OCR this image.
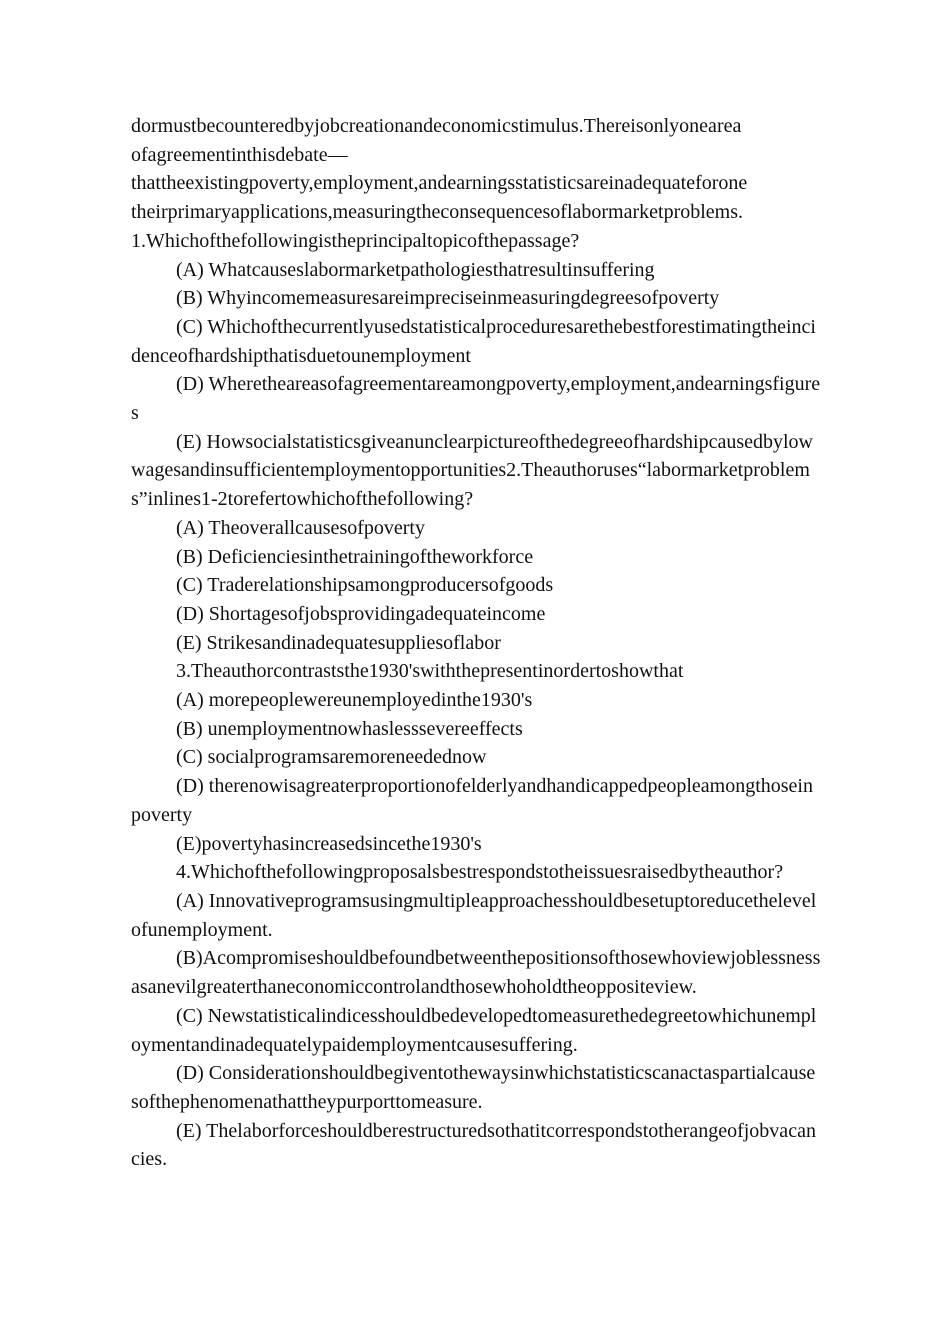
dormustbecounteredbyjobcreationandeconomicstimulus.Thereisonlyonearea
ofagreementinthisdebate—
thattheexistingpoverty,employment,andearningsstatisticsareinadequateforone
theirprimaryapplications,measuringtheconsequencesoflabormarketproblems.
1.Whichofthefollowingistheprincipaltopicofthepassage?
(A) Whatcauseslabormarketpathologiesthatresultinsuffering
(B) Whyincomemeasuresareimpreciseinmeasuringdegreesofpoverty
(C) Whichofthecurrentlyusedstatisticalproceduresarethebestforestimatingtheincidenceofhardshipthatisduetounemployment
(D) Wheretheareasofagreementareamongpoverty,employment,andearningsfigures
(E) Howsocialstatisticsgiveanunclearpictureofthedegreeofhardshipcausedbylowwagesandinsufficientemploymentopportunities2.Theauthoruses“labormarketproblems”inlines1-2torefertowhichofthefollowing?
(A) Theoverallcausesofpoverty
(B) Deficienciesinthetrainingoftheworkforce
(C) Traderelationshipsamongproducersofgoods
(D) Shortagesofjobsprovidingadequateincome
(E) Strikesandinadequatesuppliesoflabor
3.Theauthorcontraststhe1930'swiththepresentinordertoshowthat
(A) morepeoplewereunemployedinthe1930's
(B) unemploymentnowhaslessseverеeffects
(C) socialprogramsaremoreneedednow
(D) therenowisagreaterproportionofelderlyandhandicappedpeopleamongthoseinpoverty
(E)povertyhasincreasedsincethe1930's
4.Whichofthefollowingproposalsbestrespondstotheissuesraisedbytheauthor?
(A) Innovativeprogramsusingmultipleapproachesshouldbesetuptoreducethelevelofunemployment.
(B)Acompromiseshouldbefoundbetweenthepositionsofthosewhoviewjoblessnessasanevilgreaterthaneconomiccontrolandthosewhoholdtheoppositeview.
(C) Newstatisticalindicesshouldbedevelopedtomeasurethedegreetowhichunemploymentandinadequatelypaidemploymentcausesuffering.
(D) Considerationshouldbegiventothewaysinwhichstatisticscanactaspartialcausesofthephenomenathattheypurporttomeasure.
(E) Thelaborforceshouldberestructuredsothatitcorrespondstotherangeofjobvacancies.
